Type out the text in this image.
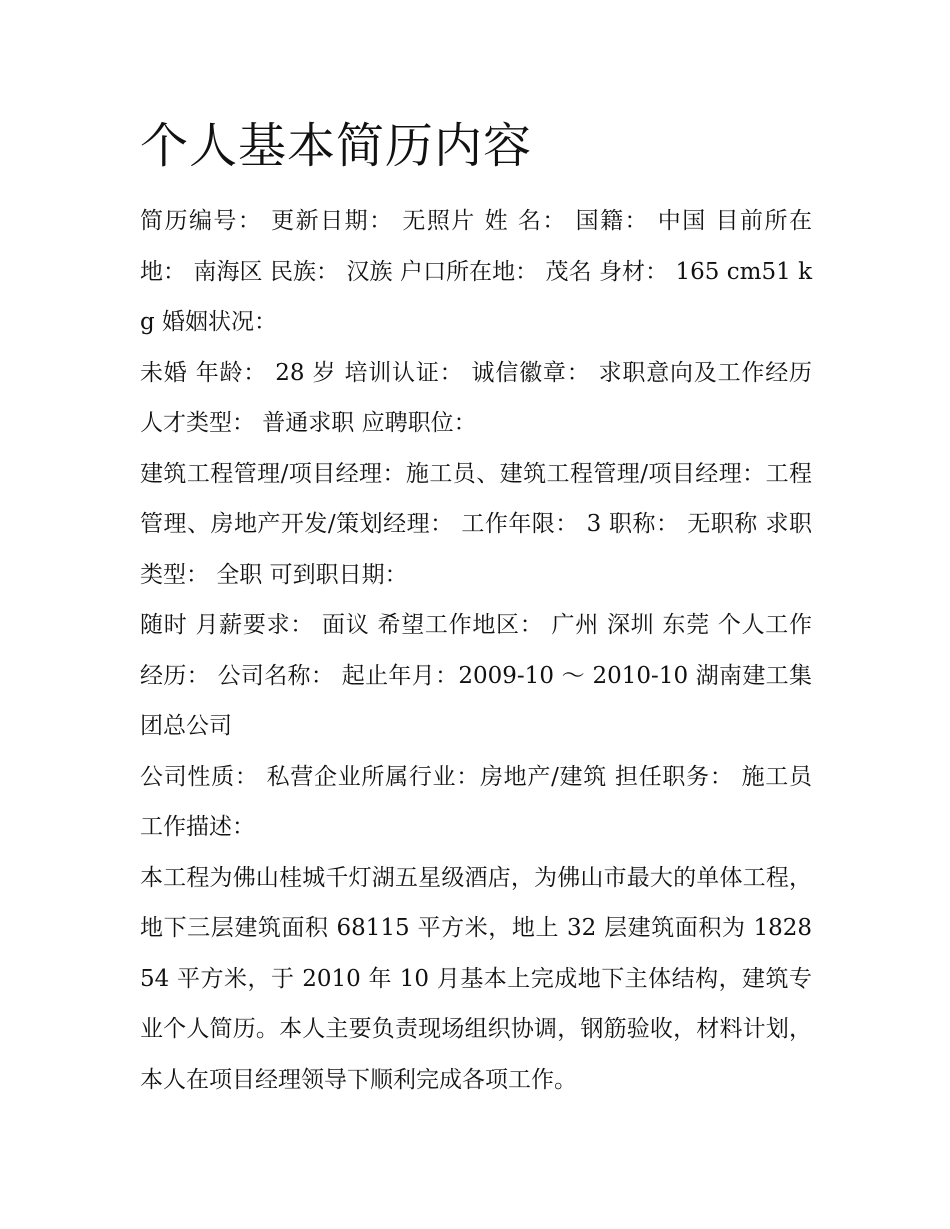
个人基本简历内容

简历编号： 更新日期： 无照片 姓 名： 国籍： 中国 目前所在地： 南海区 民族： 汉族 户口所在地： 茂名 身材： 165 cm51 kg 婚姻状况：

未婚 年龄： 28 岁 培训认证： 诚信徽章： 求职意向及工作经历 人才类型： 普通求职 应聘职位：

建筑工程管理/项目经理：施工员、建筑工程管理/项目经理：工程管理、房地产开发/策划经理： 工作年限： 3 职称： 无职称 求职类型： 全职 可到职日期：

随时 月薪要求： 面议 希望工作地区： 广州 深圳 东莞 个人工作经历： 公司名称： 起止年月：2009-10 ～ 2010-10 湖南建工集团总公司

公司性质： 私营企业所属行业：房地产/建筑 担任职务： 施工员 工作描述：

本工程为佛山桂城千灯湖五星级酒店，为佛山市最大的单体工程，地下三层建筑面积 68115 平方米，地上 32 层建筑面积为 182854 平方米，于 2010 年 10 月基本上完成地下主体结构，建筑专业个人简历。本人主要负责现场组织协调，钢筋验收，材料计划，本人在项目经理领导下顺利完成各项工作。
